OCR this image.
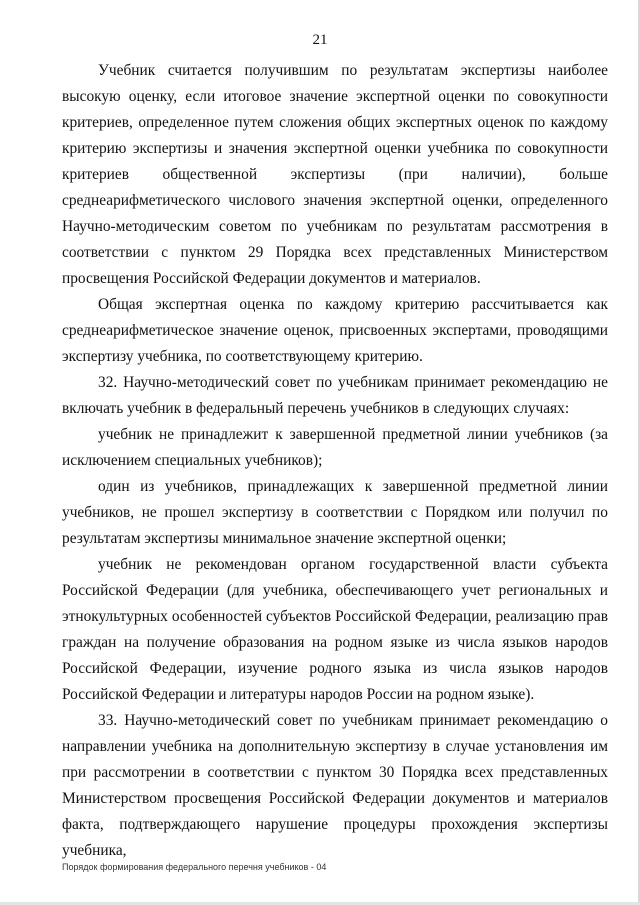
21

Учебник считается получившим по результатам экспертизы наиболее высокую оценку, если итоговое значение экспертной оценки по совокупности критериев, определенное путем сложения общих экспертных оценок по каждому критерию экспертизы и значения экспертной оценки учебника по совокупности критериев общественной экспертизы (при наличии), больше среднеарифметического числового значения экспертной оценки, определенного Научно-методическим советом по учебникам по результатам рассмотрения в соответствии с пунктом 29 Порядка всех представленных Министерством просвещения Российской Федерации документов и материалов.

Общая экспертная оценка по каждому критерию рассчитывается как среднеарифметическое значение оценок, присвоенных экспертами, проводящими экспертизу учебника, по соответствующему критерию.

32. Научно-методический совет по учебникам принимает рекомендацию не включать учебник в федеральный перечень учебников в следующих случаях:

учебник не принадлежит к завершенной предметной линии учебников (за исключением специальных учебников);

один из учебников, принадлежащих к завершенной предметной линии учебников, не прошел экспертизу в соответствии с Порядком или получил по результатам экспертизы минимальное значение экспертной оценки;

учебник не рекомендован органом государственной власти субъекта Российской Федерации (для учебника, обеспечивающего учет региональных и этнокультурных особенностей субъектов Российской Федерации, реализацию прав граждан на получение образования на родном языке из числа языков народов Российской Федерации, изучение родного языка из числа языков народов Российской Федерации и литературы народов России на родном языке).

33. Научно-методический совет по учебникам принимает рекомендацию о направлении учебника на дополнительную экспертизу в случае установления им при рассмотрении в соответствии с пунктом 30 Порядка всех представленных Министерством просвещения Российской Федерации документов и материалов факта, подтверждающего нарушение процедуры прохождения экспертизы учебника,

Порядок формирования федерального перечня учебников - 04
